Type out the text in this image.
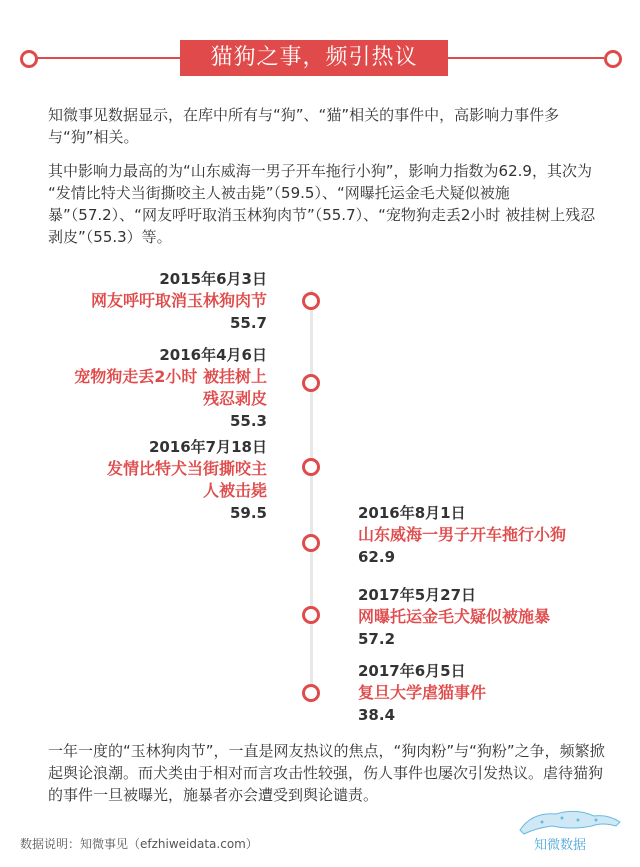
猫狗之事，频引热议
知微事见数据显示，在库中所有与“狗”、“猫”相关的事件中，高影响力事件多与“狗”相关。
其中影响力最高的为“山东威海一男子开车拖行小狗”，影响力指数为62.9，其次为 “发情比特犬当街撕咬主人被击毙”（59.5）、“网曝托运金毛犬疑似被施暴”（57.2）、“网友呼吁取消玉林狗肉节”（55.7）、“宠物狗走丢2小时 被挂树上残忍剥皮”（55.3）等。
2015年6月3日
网友呼吁取消玉林狗肉节
55.7
2016年4月6日
宠物狗走丢2小时 被挂树上残忍剥皮
55.3
2016年7月18日
发情比特犬当街撕咬主人被击毙
59.5	2016年8月1日
山东威海一男子开车拖行小狗
62.9
2017年5月27日
网曝托运金毛犬疑似被施暴
57.2
2017年6月5日
复旦大学虐猫事件
38.4
一年一度的“玉林狗肉节”，一直是网友热议的焦点，“狗肉粉”与“狗粉”之争，频繁掀起舆论浪潮。而犬类由于相对而言攻击性较强，伤人事件也屡次引发热议。虐待猫狗的事件一旦被曝光，施暴者亦会遭受到舆论谴责。
数据说明：知微事见（efzhiweidata.com）	知微数据
